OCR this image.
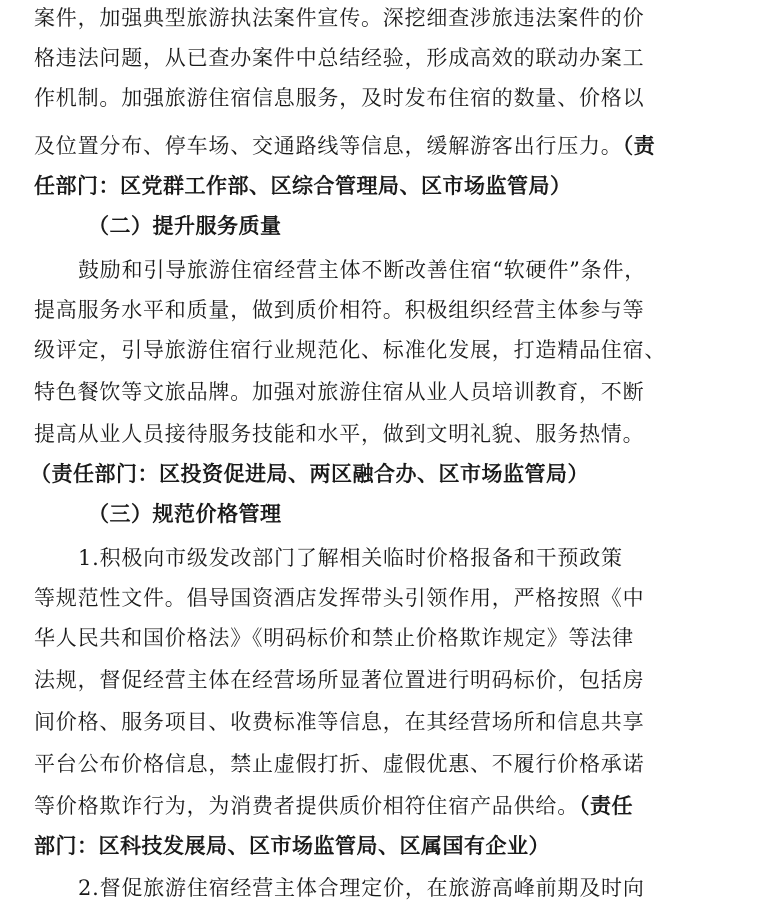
案件，加强典型旅游执法案件宣传。深挖细查涉旅违法案件的价
格违法问题，从已查办案件中总结经验，形成高效的联动办案工
作机制。加强旅游住宿信息服务，及时发布住宿的数量、价格以
及位置分布、停车场、交通路线等信息，缓解游客出行压力。（责
任部门：区党群工作部、区综合管理局、区市场监管局）
（二）提升服务质量
鼓励和引导旅游住宿经营主体不断改善住宿“软硬件”条件，
提高服务水平和质量，做到质价相符。积极组织经营主体参与等
级评定，引导旅游住宿行业规范化、标准化发展，打造精品住宿、
特色餐饮等文旅品牌。加强对旅游住宿从业人员培训教育，不断
提高从业人员接待服务技能和水平，做到文明礼貌、服务热情。
（责任部门：区投资促进局、两区融合办、区市场监管局）
（三）规范价格管理
1.积极向市级发改部门了解相关临时价格报备和干预政策
等规范性文件。倡导国资酒店发挥带头引领作用，严格按照《中
华人民共和国价格法》《明码标价和禁止价格欺诈规定》等法律
法规，督促经营主体在经营场所显著位置进行明码标价，包括房
间价格、服务项目、收费标准等信息，在其经营场所和信息共享
平台公布价格信息，禁止虚假打折、虚假优惠、不履行价格承诺
等价格欺诈行为，为消费者提供质价相符住宿产品供给。（责任
部门：区科技发展局、区市场监管局、区属国有企业）
2.督促旅游住宿经营主体合理定价，在旅游高峰前期及时向
